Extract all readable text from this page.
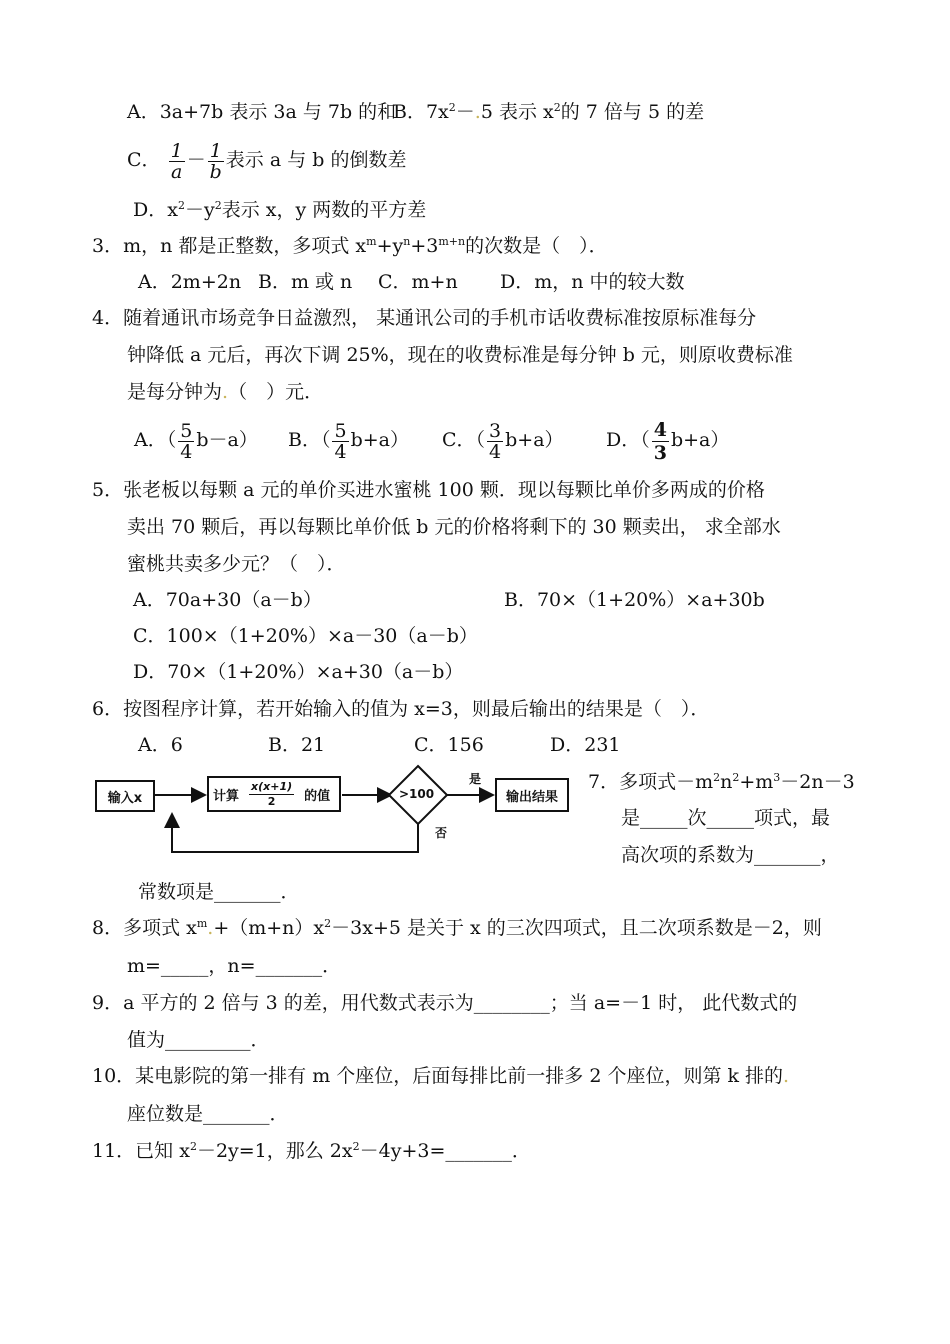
A．3a+7b 表示 3a 与 7b 的和
B．$7x^2-.5$ 表示 $x^2$的 7 倍与 5 的差
C． $\frac{1}{a} - \frac{1}{b}$ 表示 a 与 b 的倒数差
D．$x^2-y^2$表示 x，y 两数的平方差
3．m，n 都是正整数，多项式 $x^m+y^n+3^{m+n}$的次数是（　）．
A．2m+2n B．m 或 n C．m+n D．m，n 中的较大数
4．随着通讯市场竞争日益激烈， 某通讯公司的手机市话收费标准按原标准每分
钟降低 a 元后，再次下调 25%，现在的收费标准是每分钟 b 元，则原收费标准
是每分钟为.（　）元．
A．（ $\frac{5}{4} b-a$） B．（ $\frac{5}{4} b+a$） C．（ $\frac{3}{4} b+a$） D．（ $\frac{4}{3} b+a$）
5．张老板以每颗 a 元的单价买进水蜜桃 100 颗．现以每颗比单价多两成的价格
卖出 70 颗后，再以每颗比单价低 b 元的价格将剩下的 30 颗卖出， 求全部水
蜜桃共卖多少元？（　）．
A．70a+30（a－b）	B．70×（1+20%）×a+30b
C．100×（1+20%）×a－30（a－b）
D．70×（1+20%）×a+30（a－b）
6．按图程序计算，若开始输入的值为 x=3，则最后输出的结果是（　）．
A．6	B．21	C．156	D．231
输入x	计算 $\frac{x(x+1)}{2}$ 的值	>100
是
否
输出结果
7．多项式$-m^2n^2+m^3-2n-3$
是_____次_____项式，最
高次项的系数为_______，
常数项是_______．
8．多项式 $x^m.+(m+n)x^2-3x+5$ 是关于 x 的三次四项式，且二次项系数是－2，则
m=_____，n=_______．
9．a 平方的 2 倍与 3 的差，用代数式表示为________；当 a=－1 时， 此代数式的
值为_________．
10．某电影院的第一排有 m 个座位，后面每排比前一排多 2 个座位，则第 k 排的.
座位数是_______．
11．已知 $x^2-2y=1$，那么 $2x^2-4y+3=\_\_\_\_\_\_\_$．
